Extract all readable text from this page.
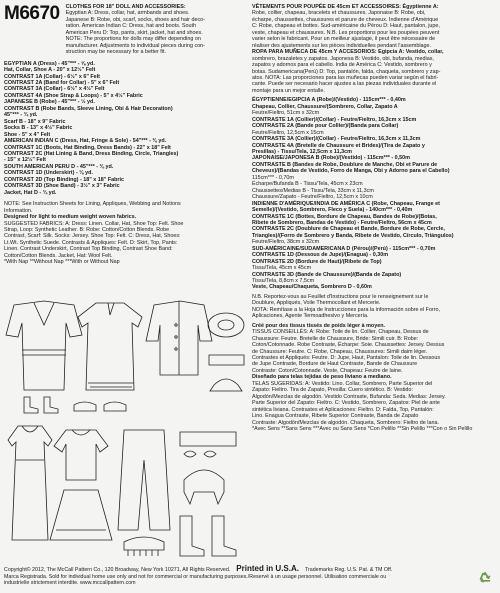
M6670 CLOTHES FOR 18" DOLL AND ACCESSORIES:

Egyptian A: Dress, collar, hat, armbands and shoes.

Japanese B: Robe, obi, scarf, socks, shoes and hair deco-

ration. American Indian C: Dress, hat and boots. South

American Peru D: Top, pants, skirt, jacket, hat and shoes.

NOTE: The proportions for dolls may differ depending on

manufacturer. Adjustments to individual pieces during con-

struction may be necessary for a better fit.

EGYPTIAN A (Dress) - 45"*** - ⅝ yd.

Hat, Collar, Shoe A - 20" x 12½" Felt

CONTRAST 1A (Collar) - 6½" x 6" Felt

CONTRAST 2A (Band for Collar) - 5" x 6" Felt

CONTRAST 3A (Collar) - 6½" x 4½" Felt

CONTRAST 4A (Shoe Strap & Loops) - 5" x 4½" Fabric

JAPANESE B (Robe) - 45"*** - ½ yd.

CONTRAST B (Robe Bands, Sleeve Lining, Obi & Hair Decoration)

45"*** - ¾ yd.

Scarf B - 18" x 9" Fabric

Socks B - 13" x 4½" Fabric

Shoe - 5" x 4" Felt

AMERICAN INDIAN C (Dress, Hat, Fringe & Sole) - 54"*** - ⅜ yd.

CONTRAST 1C (Boots, Hat Binding, Dress Bands) - 22" x 18" Felt

CONTRAST 2C (Hat Lining & Band, Dress Binding, Circle, Triangles)

- 15" x 12½" Felt

SOUTH AMERICAN PERU D - 45"*** - ⅜ yd.

CONTRAST 1D (Underskirt) - ⅛ yd.

CONTRAST 2D (Top Binding) - 18" x 18" Fabric

CONTRAST 3D (Shoe Band) - 3½" x 3" Fabric

Jacket, Hat D - ¾ yd.

NOTE: See Instruction Sheets for Lining, Appliques, Webbing and Notions

Information.

Designed for light to medium weight woven fabrics.

SUGGESTED FABRICS: A: Dress: Linen. Collar, Hat, Shoe Top: Felt. Shoe

Strap, Loop: Synthetic Leather. B: Robe: Cotton/Cotton Blends. Robe

Contrast, Scarf: Silk. Socks: Jersey. Shoe Top: Felt. C: Dress, Hat, Shoes:

Lt.Wt. Synthetic Suede. Contrasts & Appliques: Felt. D: Skirt, Top, Pants:

Linen. Contrast Underskirt, Contrast Top Binding, Contrast Shoe Band:

Cotton/Cotton Blends. Jacket, Hat: Wool Felt.

*With Nap **Without Nap ***With or Without Nap

VÊTEMENTS POUR POUPÉE DE 45cm ET ACCESSOIRES: Égyptienne A:

Robe, collier, chapeau, bracelets et chaussures. Japonaise B: Robe, obi,

écharpe, chaussettes, chaussures et parure de cheveux. Indienne d'Amérique

C: Robe, chapeau et bottes. Sud-américaine du Pérou D: Haut, pantalon, jupe,

veste, chapeau et chaussures. N.B. Les proportions pour les poupées peuvent

varier selon le fabricant. Pour un meilleur ajustage, il peut être nécessaire de

réaliser des ajustements sur les pièces individuelles pendant l'assemblage.

ROPA PARA MUÑECA DE 45cm Y ACCESORIOS: Egipcia A: Vestido, collar,

sombrero, brazaletes y zapatos. Japonesa B: Vestido, obi, bufanda, medias,

zapatos y adornos para el cabello. India de América C: Vestido, sombrero y

botas. Sudamericana(Perú) D: Top, pantalón, falda, chaqueta, sombrero y zap-

atos. NOTA: Las proporciones para las muñecas pueden variar según el fabri-

cante. Puede ser necesario hacer ajustes a las piezas individuales durante el

montaje para un mejor entalle.

ÉGYPTIENNE/EGIPCIA A (Robe)/(Vestido) - 115cm*** - 0,40m

Chapeau, Collier, Chaussure/(Sombrero, Collar, Zapato A

Feutre/Fieltro, 51cm x 32cm

CONTRASTE 1A (Collier)/(Collar) - Feutre/Fieltro, 16,3cm x 15cm

CONTRASTE 2A (Bande pour Collier)/(Banda para Collar)

Feutre/Fieltro, 12,5cm x 15cm

CONTRASTE 3A (Collier)/(Collar) - Feutre/Fieltro, 16,3cm x 11,3cm

CONTRASTE 4A (Bretelle de Chaussure et Brides)/(Tira de Zapato y

Presillas) - Tissu/Tela, 12,5cm x 11,3cm

JAPONAISE/JAPONESA B (Robe)/(Vestido) - 115cm*** - 0,50m

CONTRASTE B (Bandes de Robe, Doublure de Manche, Obi et Parure de

Cheveux)/(Bandas de Vestido, Forro de Manga, Obi y Adorno para el Cabello)

115cm*** - 0,70m

Écharpe/Bufanda B - Tissu/Tela, 45cm x 23cm

Chaussettes/Medias B - Tissu/Tela, 33cm x 11,3cm

Chaussure/Zapato - Feutre/Fieltro, 12,5cm x 10cm

INDIENNE D'AMÉRIQUE/INDIA DE AMÉRICA C (Robe, Chapeau, Frange et

Semelle)/(Vestido, Sombrero, Fleco y Suela) - 140cm*** - 0,40m

CONTRASTE 1C (Bottes, Bordure de Chapeau, Bandes de Robe)/(Botas,

Ribete de Sombrero, Bandas de Vestido) - Feutre/Fieltro, 56cm x 45cm

CONTRASTE 2C (Doublure de Chapeau et Bande, Bordure de Robe, Cercle,

Triangles)/(Forro de Sombrero y Banda, Ribete de Vestido, Círculo, Triángulos)

Feutre/Fieltro, 38cm x 32cm

SUD-AMÉRICAINE/SUDAMERICANA D (Pérou)/(Perú) - 115cm*** - 0,70m

CONTRASTE 1D (Dessous de Jupe)/(Enagua) - 0,30m

CONTRASTE 2D (Bordure de Haut)/(Ribete de Top)

Tissu/Tela, 45cm x 45cm

CONTRASTE 3D (Bande de Chaussure)/(Banda de Zapato)

Tissu/Tela, 8,8cm x 7,5cm

Veste, Chapeau/Chaqueta, Sombrero D - 0,60m

N.B. Reportez-vous au Feuillet d'Instructions pour le renseignement sur le

Doublure, Appliqués, Voile Thermocollant et Mercerie.

NOTA: Remítase a la Hoja de Instrucciones para la información sobre el Forro,

Aplicaciones, Agente Termoadhesivo y Mercería.

Créé pour des tissus tissés de poids léger à moyen.

TISSUS CONSEILLÉS: A: Robe: Toile de lin. Collier, Chapeau, Dessus de

Chaussure: Feutre. Bretelle de Chaussure, Bride: Simili cuir. B: Robe:

Coton/Cotonnade. Robe Contraste, Écharpe: Soie. Chaussettes: Jersey. Dessus

de Chaussure: Feutre. C: Robe, Chapeau, Chaussures: Simili daim léger.

Contrastes et Appliqués: Feutre. D: Jupe, Haut, Pantalon: Toile de lin. Dessous

de Jupe Contraste, Bordure de Haut Contraste, Bande de Chaussure

Contraste: Coton/Cotonnade. Veste, Chapeau: Feutre de laine.

Diseñado para telas tejidas de peso liviano a mediano.

TELAS SUGERIDAS: A: Vestido: Lino. Collar, Sombrero, Parte Superior del

Zapato: Fieltro. Tira de Zapato, Presilla: Cuero sintético. B: Vestido:

Algodón/Mezclas de algodón. Vestido Contraste, Bufanda: Seda. Medias: Jersey.

Parte Superior del Zapato: Fieltro. C: Vestido, Sombrero, Zapatos: Piel de ante

sintética liviana. Contrastes et Aplicaciones: Fieltro. D: Falda, Top, Pantalón:

Lino. Enagua Contraste, Ribete Superior Contraste, Banda de Zapato

Contraste: Algodón/Mezclas de algodón. Chaqueta, Sombrero: Fieltro de lana.

*Avec Sens **Sans Sens ***Avec ou Sans Sens *Con Pelillo **Sin Pelillo ***Con o Sin Pelillo

Copyright© 2012, The McCall Pattern Co., 120 Broadway, New York 10271, All Rights Reserved. Printed in U.S.A. Trademarks Reg. U.S. Pat. & TM Off.
Marca Registrada. Sold for individual home use only and not for commercial or manufacturing purposes./Reservé à un usage personnel. Utilisation commerciale ou
industrielle strictement interdite. www.mccallpattern.com
